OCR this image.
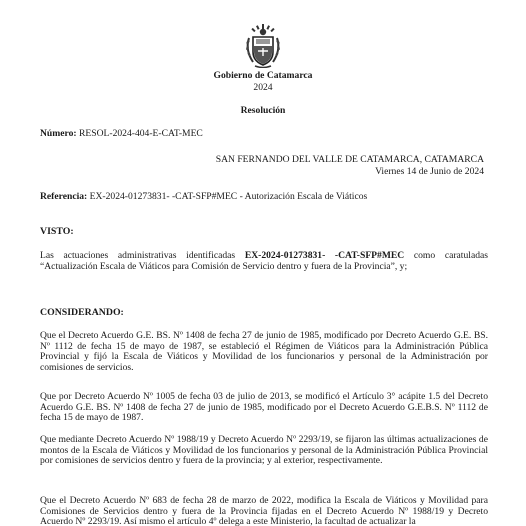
Gobierno de Catamarca
2024
Resolución
Número: RESOL-2024-404-E-CAT-MEC
SAN FERNANDO DEL VALLE DE CATAMARCA, CATAMARCA
Viernes 14 de Junio de 2024
Referencia: EX-2024-01273831- -CAT-SFP#MEC - Autorización Escala de Viáticos
VISTO:
Las actuaciones administrativas identificadas EX-2024-01273831- -CAT-SFP#MEC como caratuladas “Actualización Escala de Viáticos para Comisión de Servicio dentro y fuera de la Provincia”, y;
CONSIDERANDO:
Que el Decreto Acuerdo G.E. BS. Nº 1408 de fecha 27 de junio de 1985, modificado por Decreto Acuerdo G.E. BS. Nº 1112 de fecha 15 de mayo de 1987, se estableció el Régimen de Viáticos para la Administración Pública Provincial y fijó la Escala de Viáticos y Movilidad de los funcionarios y personal de la Administración por comisiones de servicios.
Que por Decreto Acuerdo Nº 1005 de fecha 03 de julio de 2013, se modificó el Artículo 3° acápite 1.5 del Decreto Acuerdo G.E. BS. Nº 1408 de fecha 27 de junio de 1985, modificado por el Decreto Acuerdo G.E.B.S. Nº 1112 de fecha 15 de mayo de 1987.
Que mediante Decreto Acuerdo Nº 1988/19 y Decreto Acuerdo Nº 2293/19, se fijaron las últimas actualizaciones de montos de la Escala de Viáticos y Movilidad de los funcionarios y personal de la Administración Pública Provincial por comisiones de servicios dentro y fuera de la provincia; y al exterior, respectivamente.
Que el Decreto Acuerdo Nº 683 de fecha 28 de marzo de 2022, modifica la Escala de Viáticos y Movilidad para Comisiones de Servicios dentro y fuera de la Provincia fijadas en el Decreto Acuerdo Nº 1988/19 y Decreto Acuerdo Nº 2293/19. Así mismo el artículo 4º delega a este Ministerio, la facultad de actualizar la
